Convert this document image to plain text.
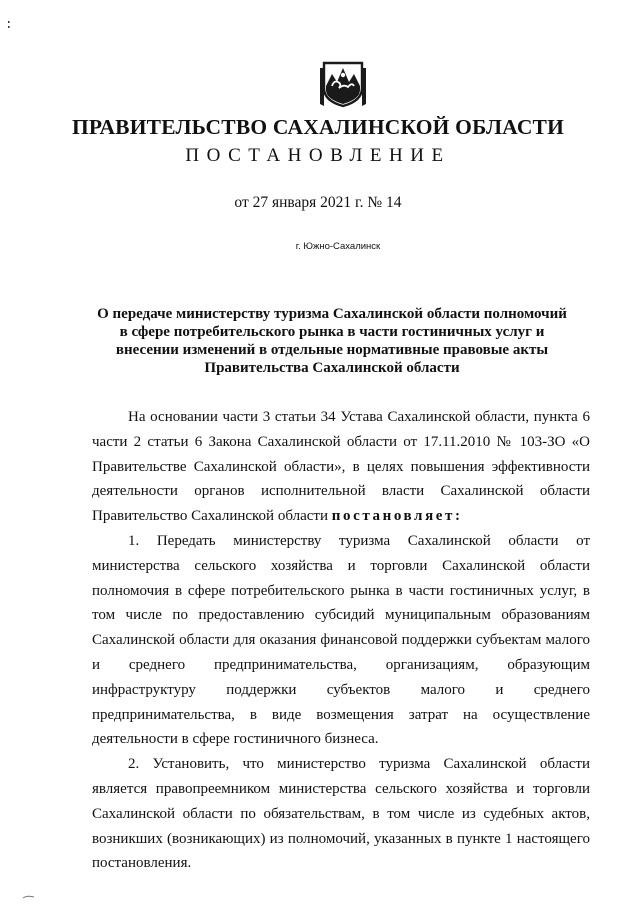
ПРАВИТЕЛЬСТВО САХАЛИНСКОЙ ОБЛАСТИ
ПОСТАНОВЛЕНИЕ
от 27 января 2021 г. № 14
г. Южно-Сахалинск
О передаче министерству туризма Сахалинской области полномочий в сфере потребительского рынка в части гостиничных услуг и внесении изменений в отдельные нормативные правовые акты Правительства Сахалинской области

На основании части 3 статьи 34 Устава Сахалинской области, пункта 6 части 2 статьи 6 Закона Сахалинской области от 17.11.2010 № 103-ЗО «О Правительстве Сахалинской области», в целях повышения эффективности деятельности органов исполнительной власти Сахалинской области Правительство Сахалинской области постановляет:

1. Передать министерству туризма Сахалинской области от министерства сельского хозяйства и торговли Сахалинской области полномочия в сфере потребительского рынка в части гостиничных услуг, в том числе по предоставлению субсидий муниципальным образованиям Сахалинской области для оказания финансовой поддержки субъектам малого и среднего предпринимательства, организациям, образующим инфраструктуру поддержки субъектов малого и среднего предпринимательства, в виде возмещения затрат на осуществление деятельности в сфере гостиничного бизнеса.

2. Установить, что министерство туризма Сахалинской области является правопреемником министерства сельского хозяйства и торговли Сахалинской области по обязательствам, в том числе из судебных актов, возникших (возникающих) из полномочий, указанных в пункте 1 настоящего постановления.
